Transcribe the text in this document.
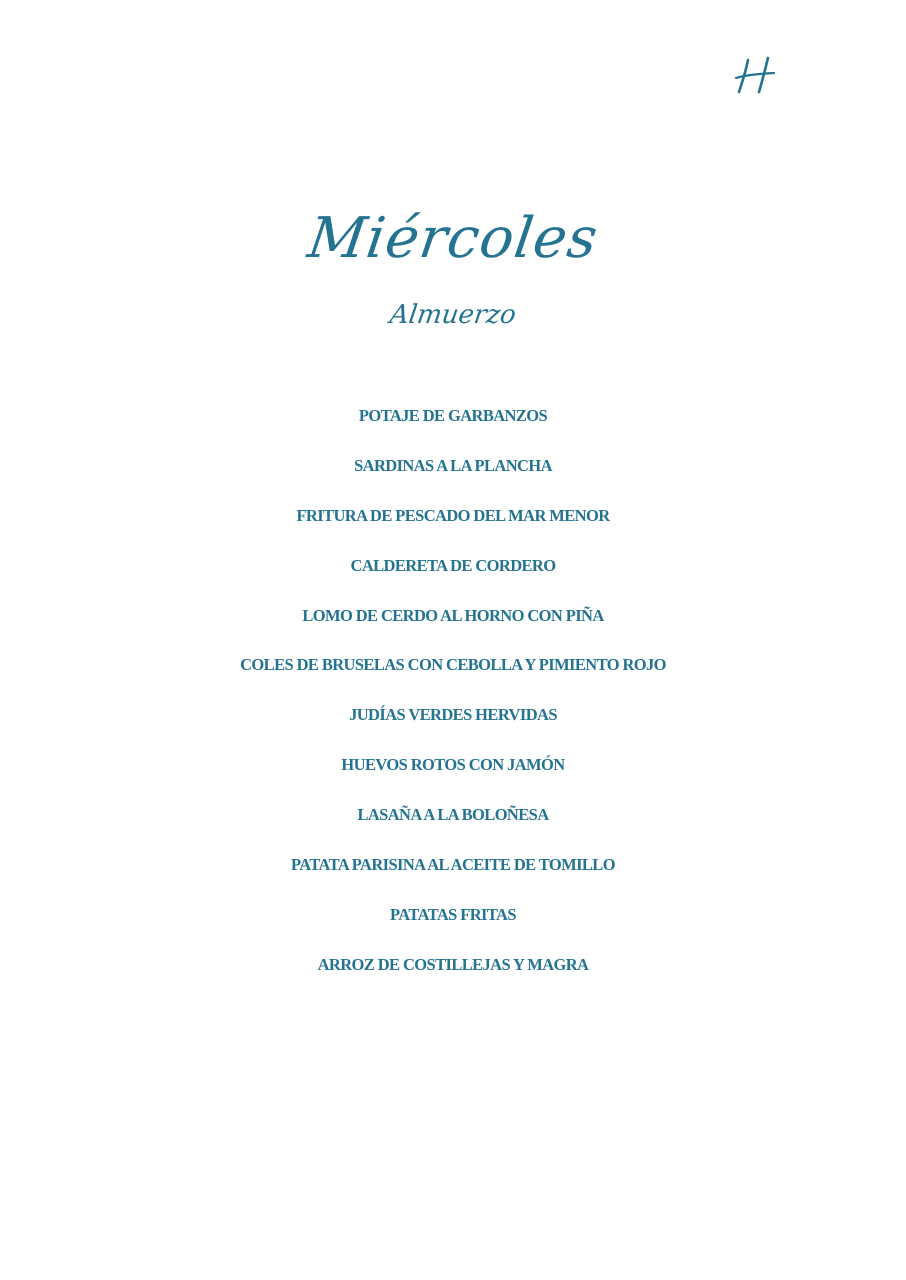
Miércoles
Almuerzo
POTAJE DE GARBANZOS
SARDINAS A LA PLANCHA
FRITURA DE PESCADO DEL MAR MENOR
CALDERETA DE CORDERO
LOMO DE CERDO AL HORNO CON PIÑA
COLES DE BRUSELAS CON CEBOLLA Y PIMIENTO ROJO
JUDÍAS VERDES HERVIDAS
HUEVOS ROTOS CON JAMÓN
LASAÑA A LA BOLOÑESA
PATATA PARISINA AL ACEITE DE TOMILLO
PATATAS FRITAS
ARROZ DE COSTILLEJAS Y MAGRA
